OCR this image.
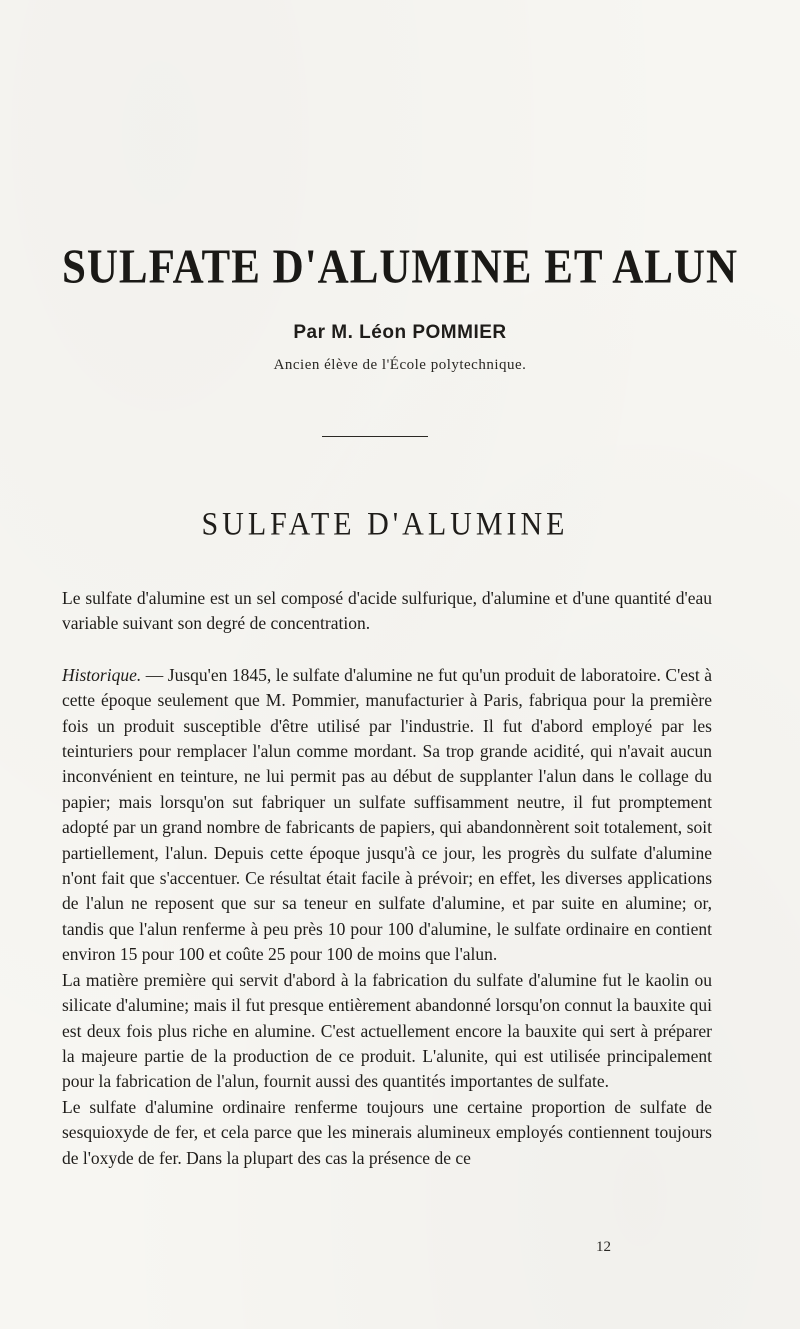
SULFATE D'ALUMINE ET ALUN
Par M. Léon POMMIER
Ancien élève de l'École polytechnique.
SULFATE D'ALUMINE

Le sulfate d'alumine est un sel composé d'acide sulfurique, d'alumine et d'une quantité d'eau variable suivant son degré de concentration.

Historique. — Jusqu'en 1845, le sulfate d'alumine ne fut qu'un produit de laboratoire. C'est à cette époque seulement que M. Pommier, manufacturier à Paris, fabriqua pour la première fois un produit susceptible d'être utilisé par l'industrie. Il fut d'abord employé par les teinturiers pour remplacer l'alun comme mordant. Sa trop grande acidité, qui n'avait aucun inconvénient en teinture, ne lui permit pas au début de supplanter l'alun dans le collage du papier; mais lorsqu'on sut fabriquer un sulfate suffisamment neutre, il fut promptement adopté par un grand nombre de fabricants de papiers, qui abandonnèrent soit totalement, soit partiellement, l'alun. Depuis cette époque jusqu'à ce jour, les progrès du sulfate d'alumine n'ont fait que s'accentuer. Ce résultat était facile à prévoir; en effet, les diverses applications de l'alun ne reposent que sur sa teneur en sulfate d'alumine, et par suite en alumine; or, tandis que l'alun renferme à peu près 10 pour 100 d'alumine, le sulfate ordinaire en contient environ 15 pour 100 et coûte 25 pour 100 de moins que l'alun.

La matière première qui servit d'abord à la fabrication du sulfate d'alumine fut le kaolin ou silicate d'alumine; mais il fut presque entièrement abandonné lorsqu'on connut la bauxite qui est deux fois plus riche en alumine. C'est actuellement encore la bauxite qui sert à préparer la majeure partie de la production de ce produit. L'alunite, qui est utilisée principalement pour la fabrication de l'alun, fournit aussi des quantités importantes de sulfate.

Le sulfate d'alumine ordinaire renferme toujours une certaine proportion de sulfate de sesquioxyde de fer, et cela parce que les minerais alumineux employés contiennent toujours de l'oxyde de fer. Dans la plupart des cas la présence de ce

12
